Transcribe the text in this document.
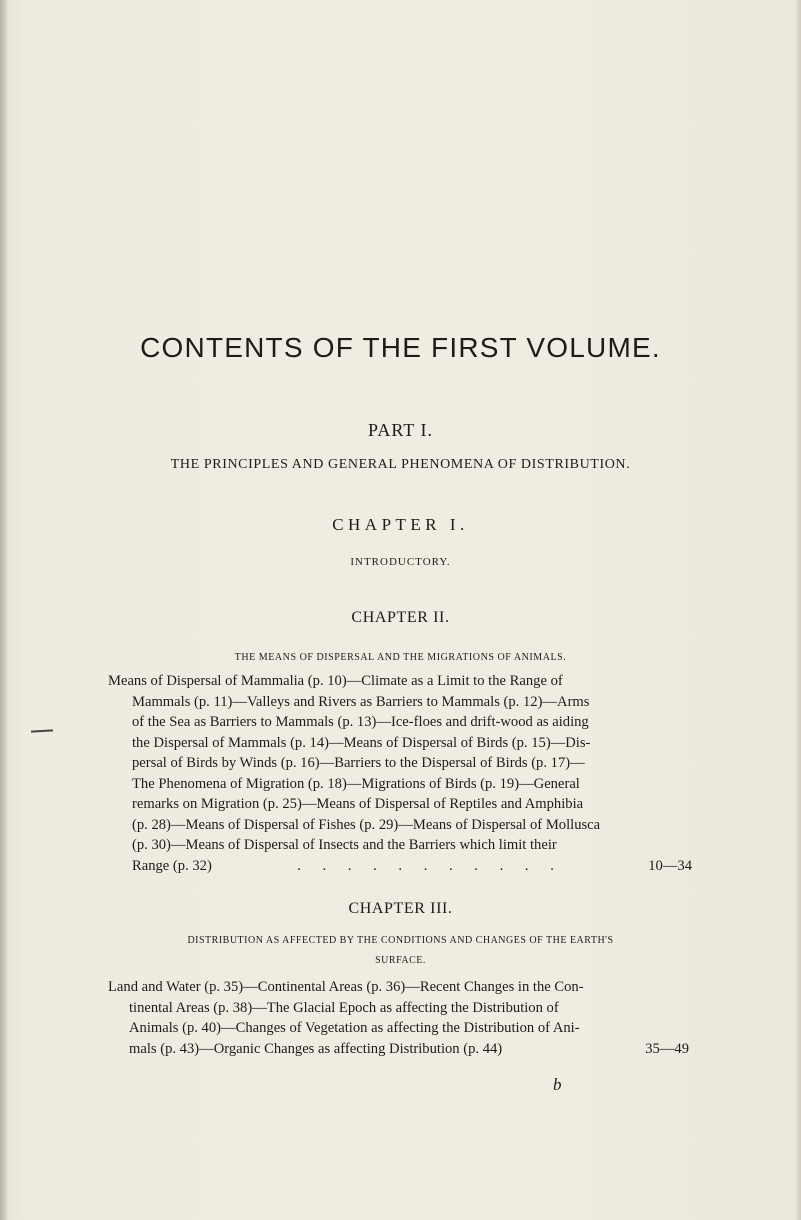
CONTENTS OF THE FIRST VOLUME.
PART I.
THE PRINCIPLES AND GENERAL PHENOMENA OF DISTRIBUTION.
CHAPTER I.
INTRODUCTORY.
CHAPTER II.
THE MEANS OF DISPERSAL AND THE MIGRATIONS OF ANIMALS.
Means of Dispersal of Mammalia (p. 10)—Climate as a Limit to the Range of
Mammals (p. 11)—Valleys and Rivers as Barriers to Mammals (p. 12)—Arms
of the Sea as Barriers to Mammals (p. 13)—Ice-floes and drift-wood as aiding
the Dispersal of Mammals (p. 14)—Means of Dispersal of Birds (p. 15)—Dis-
persal of Birds by Winds (p. 16)—Barriers to the Dispersal of Birds (p. 17)—
The Phenomena of Migration (p. 18)—Migrations of Birds (p. 19)—General
remarks on Migration (p. 25)—Means of Dispersal of Reptiles and Amphibia
(p. 28)—Means of Dispersal of Fishes (p. 29)—Means of Dispersal of Mollusca
(p. 30)—Means of Dispersal of Insects and the Barriers which limit their
Range (p. 32)	. . . . . . . . . . .	10—34
CHAPTER III.
DISTRIBUTION AS AFFECTED BY THE CONDITIONS AND CHANGES OF THE EARTH'S
SURFACE.
Land and Water (p. 35)—Continental Areas (p. 36)—Recent Changes in the Con-
tinental Areas (p. 38)—The Glacial Epoch as affecting the Distribution of
Animals (p. 40)—Changes of Vegetation as affecting the Distribution of Ani-
mals (p. 43)—Organic Changes as affecting Distribution (p. 44)	35—49
b
